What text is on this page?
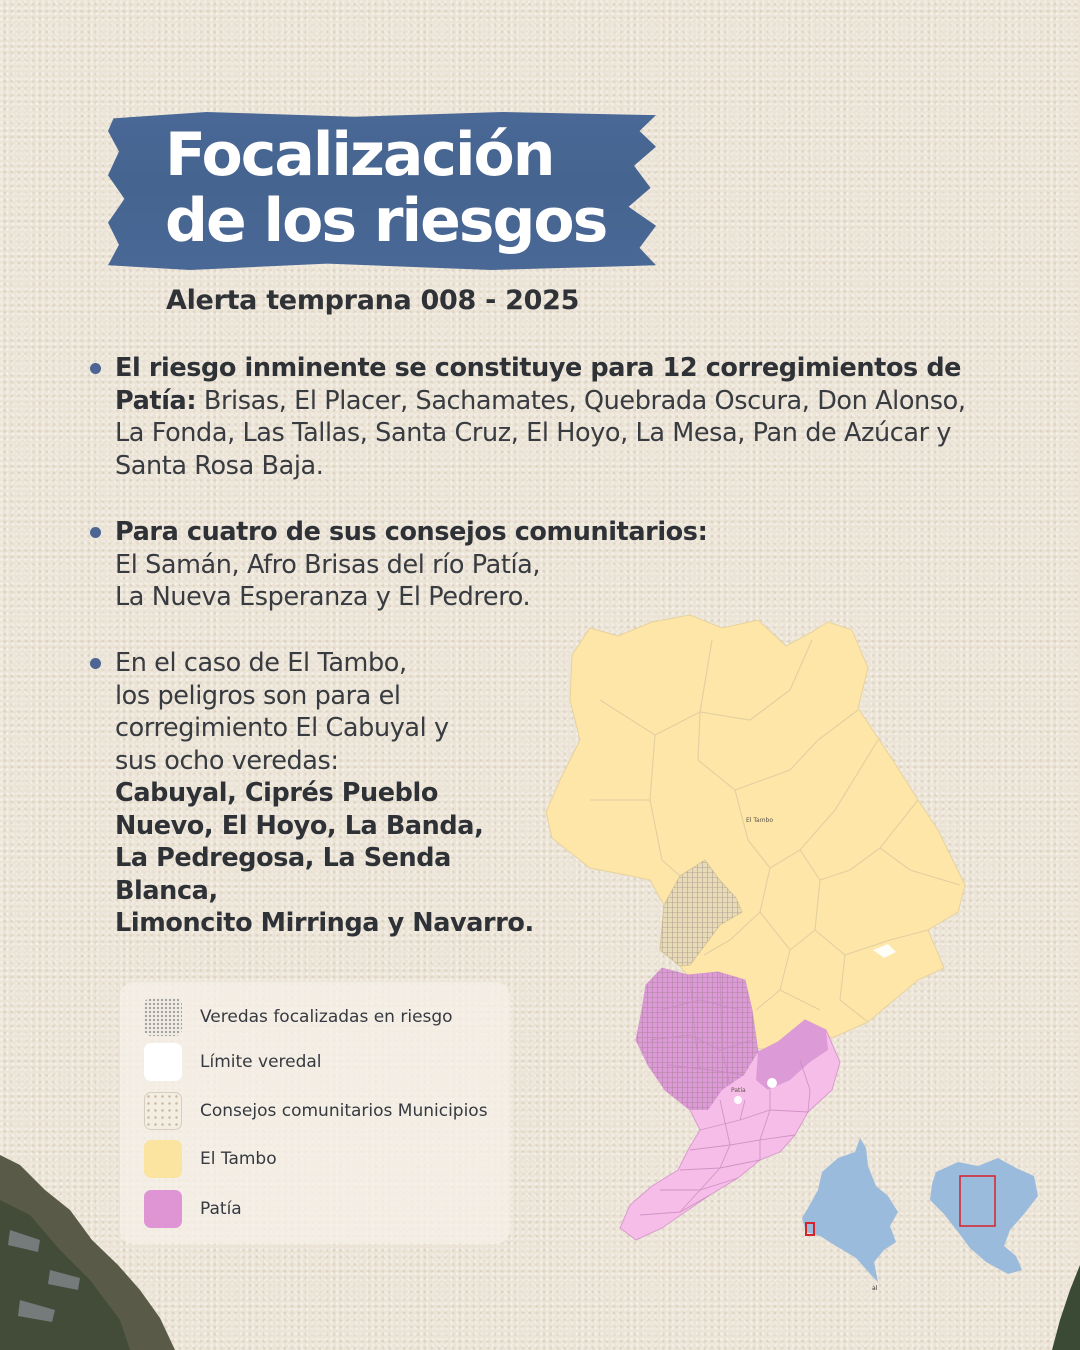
Focalización
de los riesgos

Alerta temprana 008 - 2025

El riesgo inminente se constituye para 12 corregimientos de Patía: Brisas, El Placer, Sachamates, Quebrada Oscura, Don Alonso, La Fonda, Las Tallas, Santa Cruz, El Hoyo, La Mesa, Pan de Azúcar y Santa Rosa Baja.
Para cuatro de sus consejos comunitarios:
El Samán, Afro Brisas del río Patía,
La Nueva Esperanza y El Pedrero.
En el caso de El Tambo,
los peligros son para el
corregimiento El Cabuyal y
sus ocho veredas:
Cabuyal, Ciprés Pueblo
Nuevo, El Hoyo, La Banda,
La Pedregosa, La Senda Blanca,
Limoncito Mirringa y Navarro.
El Tambo
Patía
al
Veredas focalizadas en riesgo
Límite veredal
Consejos comunitarios Municipios
El Tambo
Patía
